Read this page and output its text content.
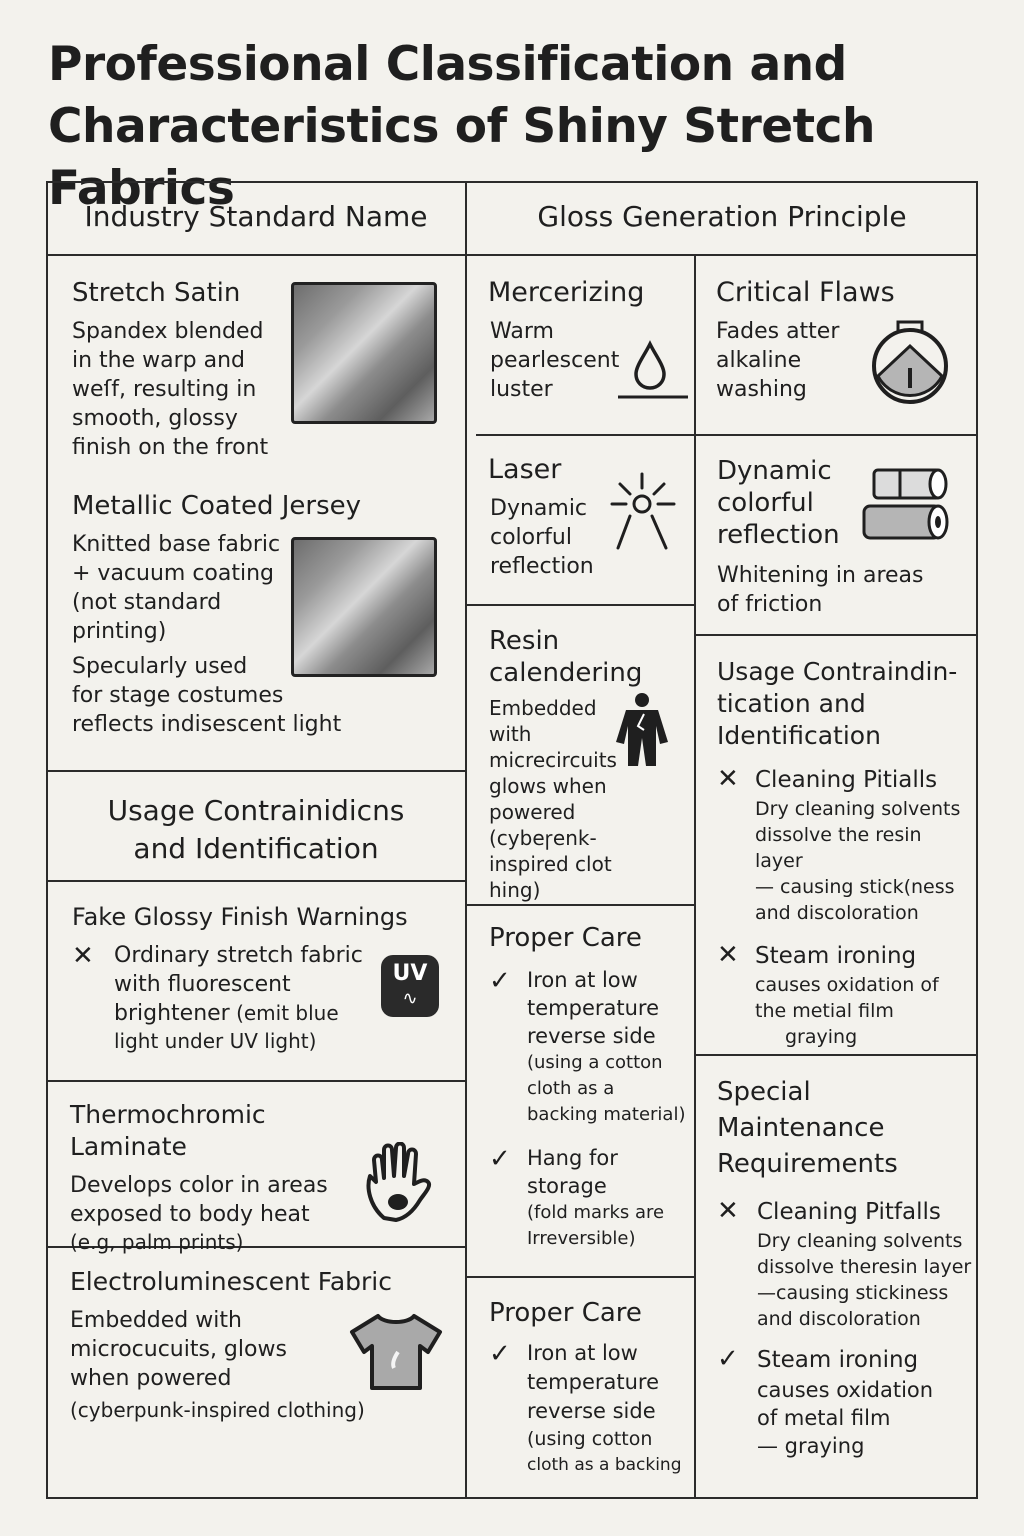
Professional Classification and Characteristics of Shiny Stretch Fabrics
Industry Standard Name	Gloss Generation Principle
Stretch Satin
Spandex blended
in the warp and
weſf, resulting in
smooth, glossy
finish on the front
Metallic Coated Jersey
Knitted base fabric
+ vacuum coating
(not standard
printing)
Specularly used
for stage costumes
reflects indisescent light
Usage Contrainidicns
and Identification
Fake Glossy Finish Warnings
✕ Ordinary stretch fabric
with fluorescent
brightener (emit blue
light under UV light)
UV
∿
Thermochromic Laminate
Develops color in areas
exposed to body heat
(e.g, palm prints)
Electroluminescent Fabric
Embedded with
microcucuits, glows
when powered
(cyberpunk-inspired clothing)
Mercerizing
Warm
pearlescent
luster
Critical Flaws
Fades atter
alkaline
washing
Laser
Dynamic
colorful
reflection
Dynamic
colorful
reflection
Whitening in areas
of friction
Resin
calendering
Embedded
with
micrecircuits
glows when
powered (cybeꞅenk-
inspired clot
hing)
Usage Contraindin-
tication and
Identification
✕ Cleaning Pitialls
Dry cleaning solvents
dissolve the resin layer
— causing stick(ness
and discoloration
✕ Steam ironing
causes oxidation of
the metial film
graying
Proper Care
✓ Iron at low
temperature
reverse side
(using a cotton
cloth as a
backing material)
✓ Hang for
storage
(fold marks are
Irreversible)
Special
Maintenance
Requirements
✕ Cleaning Pitfalls
Dry cleaning solvents
dissolve theresin layer
—causing stickiness
and discoloration
✓ Steam ironing
causes oxidation
of metal film
— graying
Proper Care
✓ Iron at low
temperature
reverse side
(using cotton
cloth as a backing
